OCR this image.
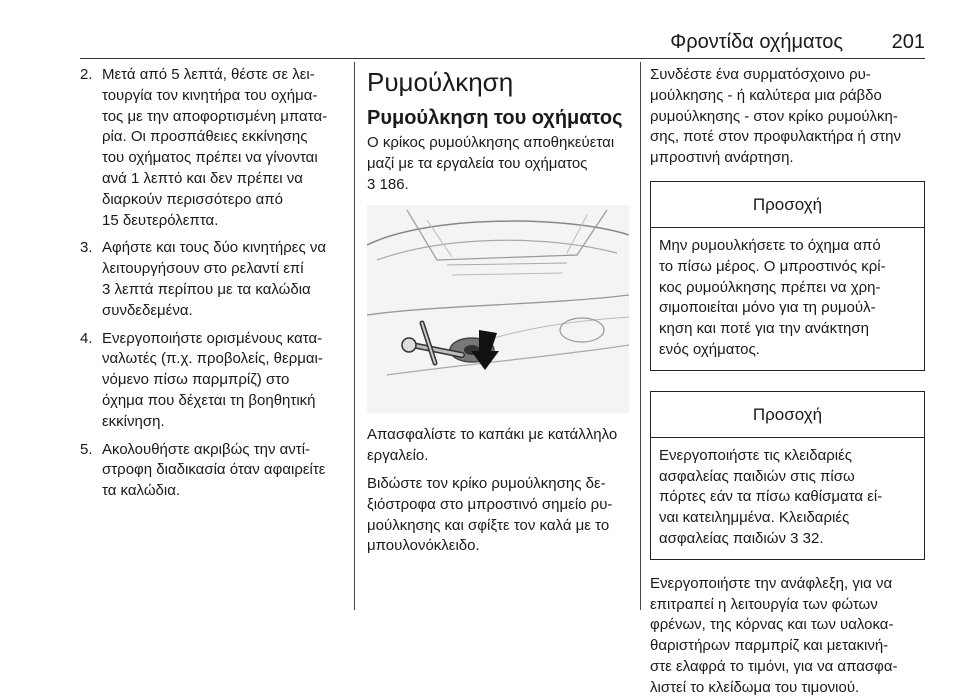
Φροντίδα οχήματος 201
2. Μετά από 5 λεπτά, θέστε σε λει-
τουργία τον κινητήρα του οχήμα-
τος με την αποφορτισμένη μπατα-
ρία. Οι προσπάθειες εκκίνησης
του οχήματος πρέπει να γίνονται
ανά 1 λεπτό και δεν πρέπει να
διαρκούν περισσότερο από
15 δευτερόλεπτα.
3. Αφήστε και τους δύο κινητήρες να
λειτουργήσουν στο ρελαντί επί
3 λεπτά περίπου με τα καλώδια
συνδεδεμένα.
4. Ενεργοποιήστε ορισμένους κατα-
ναλωτές (π.χ. προβολείς, θερμαι-
νόμενο πίσω παρμπρίζ) στο
όχημα που δέχεται τη βοηθητική
εκκίνηση.
5. Ακολουθήστε ακριβώς την αντί-
στροφη διαδικασία όταν αφαιρείτε
τα καλώδια.
Ρυμούλκηση
Ρυμούλκηση του οχήματος
Ο κρίκος ρυμούλκησης αποθηκεύεται
μαζί με τα εργαλεία του οχήματος
3 186.
Απασφαλίστε το καπάκι με κατάλληλο
εργαλείο.
Βιδώστε τον κρίκο ρυμούλκησης δε-
ξιόστροφα στο μπροστινό σημείο ρυ-
μούλκησης και σφίξτε τον καλά με το
μπουλονόκλειδο.
Συνδέστε ένα συρματόσχοινο ρυ-
μούλκησης - ή καλύτερα μια ράβδο
ρυμούλκησης - στον κρίκο ρυμούλκη-
σης, ποτέ στον προφυλακτήρα ή στην
μπροστινή ανάρτηση.
Προσοχή
Μην ρυμουλκήσετε το όχημα από
το πίσω μέρος. Ο μπροστινός κρί-
κος ρυμούλκησης πρέπει να χρη-
σιμοποιείται μόνο για τη ρυμούλ-
κηση και ποτέ για την ανάκτηση
ενός οχήματος.
Προσοχή
Ενεργοποιήστε τις κλειδαριές
ασφαλείας παιδιών στις πίσω
πόρτες εάν τα πίσω καθίσματα εί-
ναι κατειλημμένα. Κλειδαριές
ασφαλείας παιδιών 3 32.
Ενεργοποιήστε την ανάφλεξη, για να
επιτραπεί η λειτουργία των φώτων
φρένων, της κόρνας και των υαλοκα-
θαριστήρων παρμπρίζ και μετακινή-
στε ελαφρά το τιμόνι, για να απασφα-
λιστεί το κλείδωμα του τιμονιού.
